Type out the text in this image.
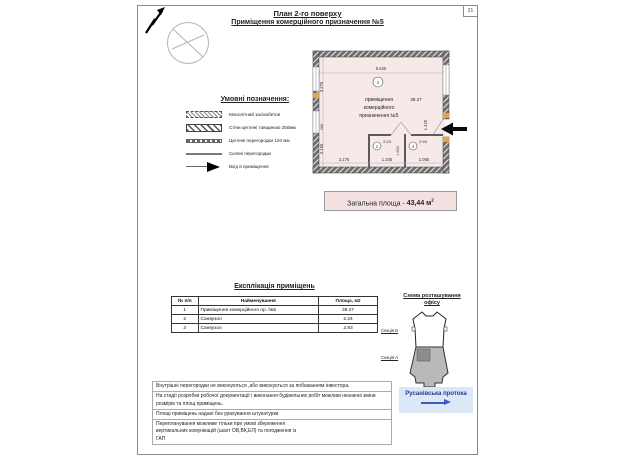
План 2-го поверху
Приміщення комерційного призначення №5
21
Умовні позначення:
Монолітний залізобетон
Стіни цегляні товщиною 250мм
Цегляні перегородки 120 мм
Скляні перегородки
Вхід в приміщення
6.625
3.275
260
3.190
3.175	1.205	1.055
1.420
1.600
1
приміщення
комерційного
призначення №5
38.27
2
2.24
3
2.93
Загальна площа - 43,44 $м^2$
Експлікація приміщень
№ п/п	Найменування	Площа, м2
1	Приміщення комерційного пр. №5	38.27
2	Санвузол	2.24
3	Санвузол	2.93
Схема розташування
офісу
Секція Б
Секція А
Русанівська протока
Внутрішні перегородки не виконуються ,або виконується за побажанням інвестора.
На стадії розробки робочої документації і виконання будівельних робіт можливі незначні зміни розмірів та площ приміщень.
Площі приміщень надані без урахування штукатурки
Перепланування можливе тільки при умові збереження вертикальних комунікацій (шахт ОВ,ВК,ЕЛ) та погодження із ГАП
